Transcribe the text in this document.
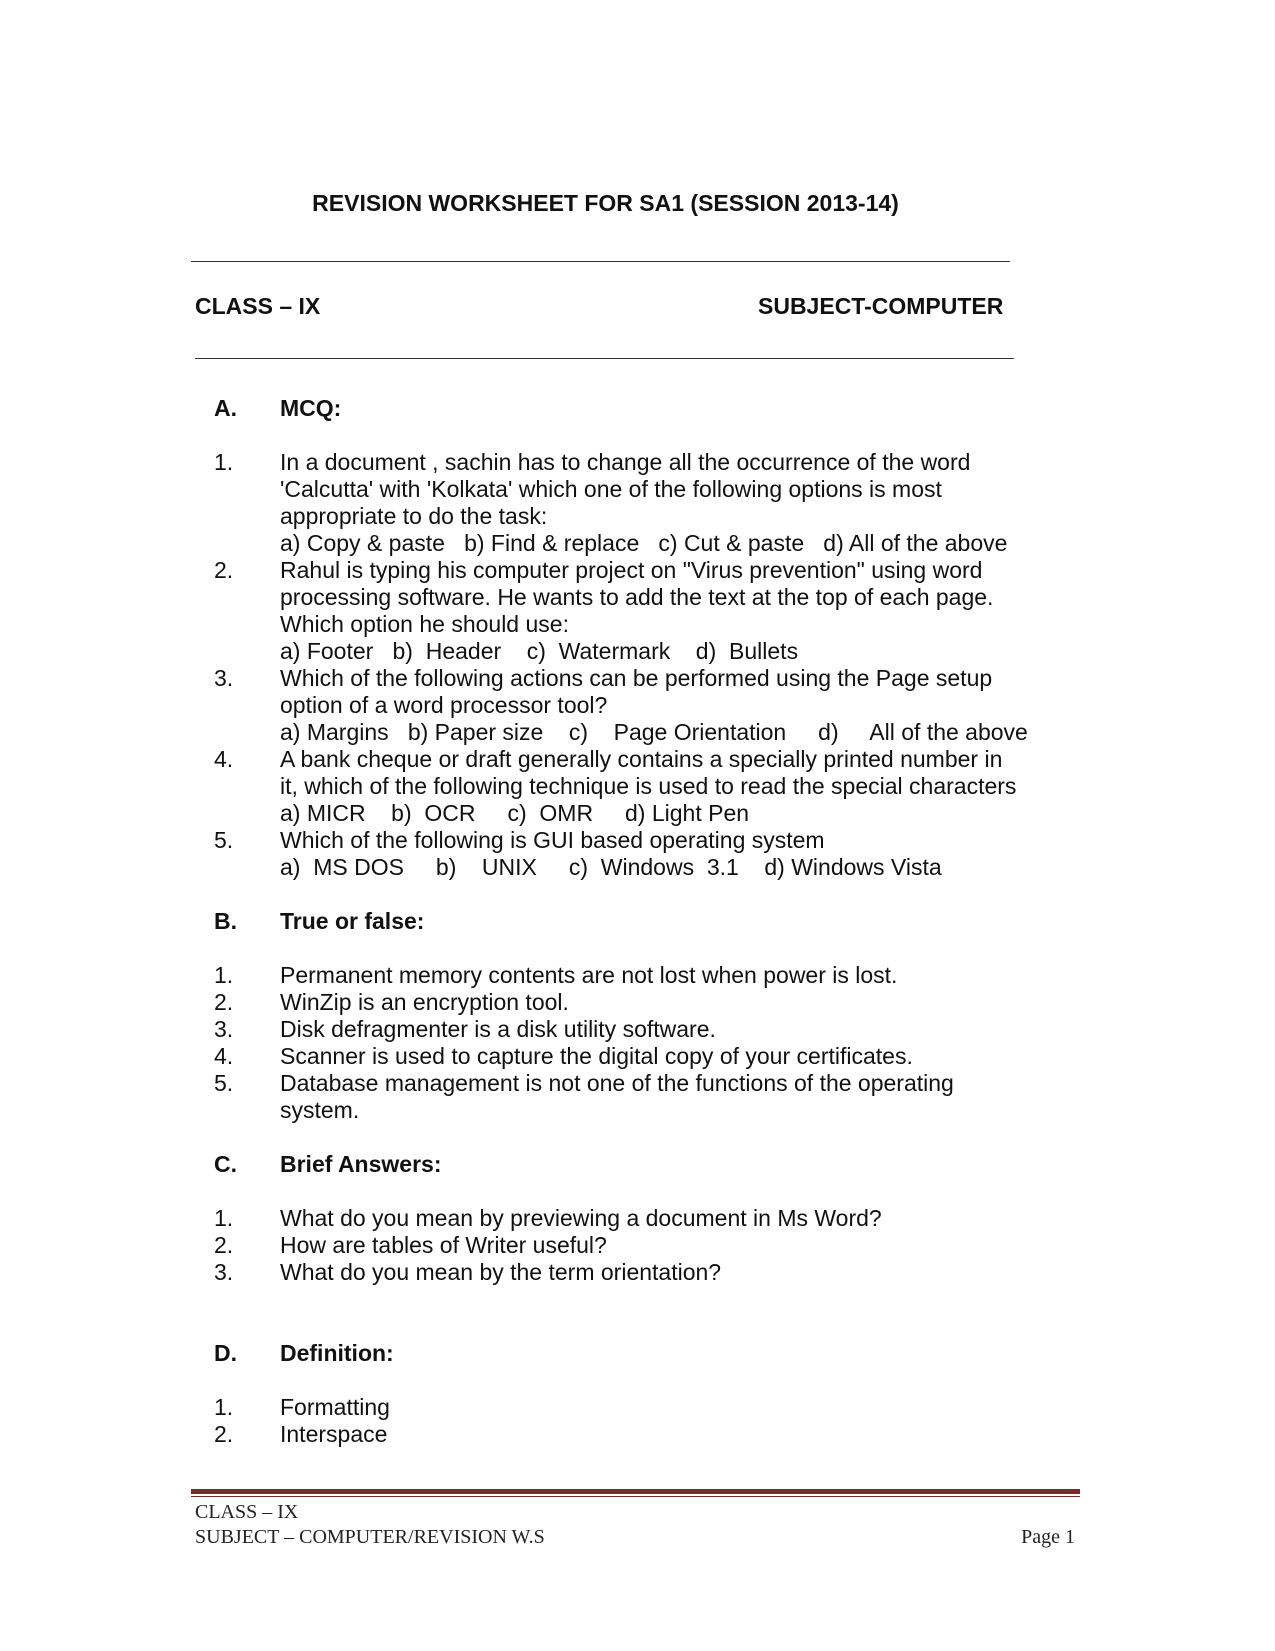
REVISION WORKSHEET FOR SA1 (SESSION 2013-14)
________________________________________________________________
CLASS – IX	SUBJECT-COMPUTER
________________________________________________________________
A.	MCQ:
1.	In a document , sachin has to change all the occurrence of the word
'Calcutta' with 'Kolkata' which one of the following options is most
appropriate to do the task:
a) Copy & paste   b) Find & replace   c) Cut & paste   d) All of the above
2.	Rahul is typing his computer project on "Virus prevention" using word
processing software. He wants to add the text at the top of each page.
Which option he should use:
a) Footer   b)  Header    c)  Watermark    d)  Bullets
3.	Which of the following actions can be performed using the Page setup
option of a word processor tool?
a) Margins   b) Paper size    c)    Page Orientation     d)     All of the above
4.	A bank cheque or draft generally contains a specially printed number in
it, which of the following technique is used to read the special characters
a) MICR    b)  OCR     c)  OMR     d) Light Pen
5.	Which of the following is GUI based operating system
a)  MS DOS     b)    UNIX     c)  Windows  3.1    d) Windows Vista
B.	True or false:
1.	Permanent memory contents are not lost when power is lost.
2.	WinZip is an encryption tool.
3.	Disk defragmenter is a disk utility software.
4.	Scanner is used to capture the digital copy of your certificates.
5.	Database management is not one of the functions of the operating
system.
C.	Brief Answers:
1.	What do you mean by previewing a document in Ms Word?
2.	How are tables of Writer useful?
3.	What do you mean by the term orientation?
D.	Definition:
1.	Formatting
2.	Interspace
CLASS – IX
SUBJECT – COMPUTER/REVISION W.S	Page 1
